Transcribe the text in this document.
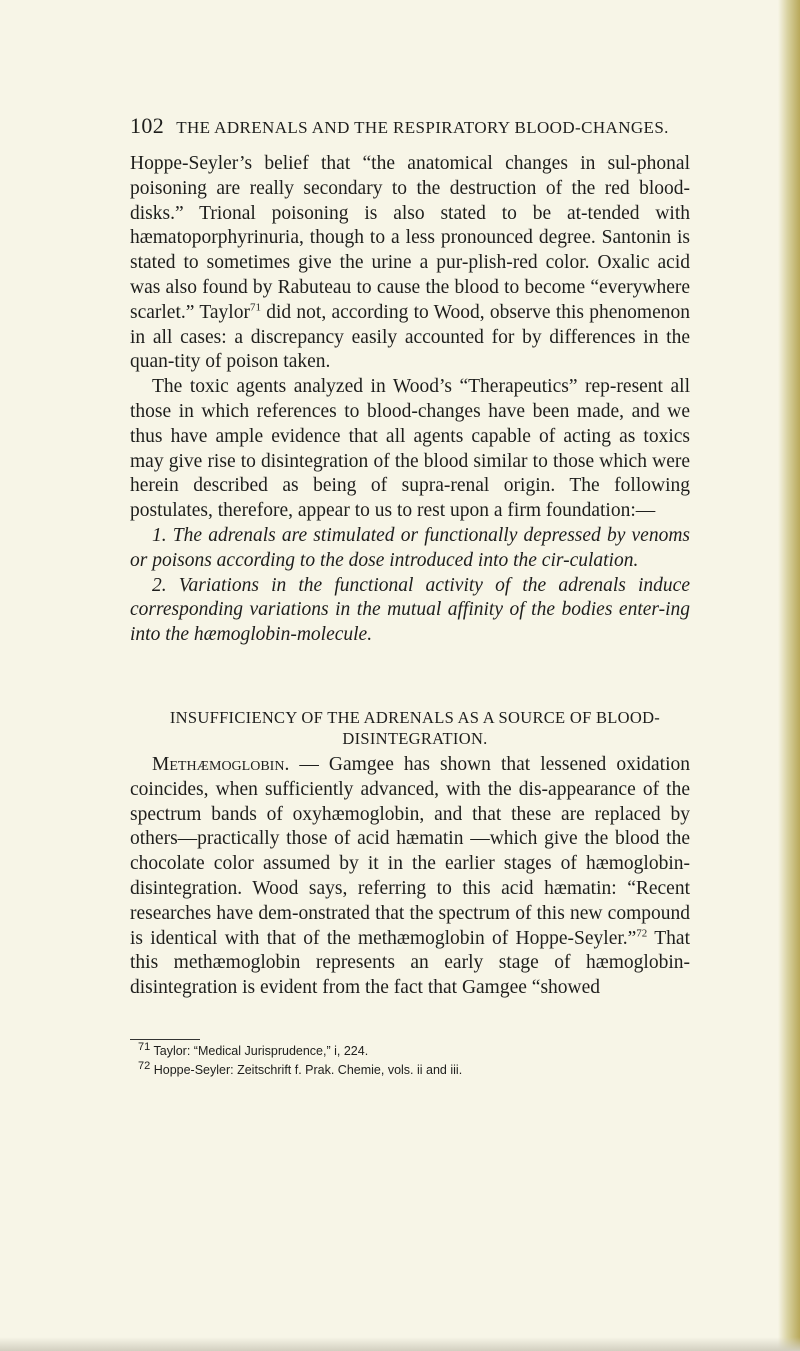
102 THE ADRENALS AND THE RESPIRATORY BLOOD-CHANGES.

Hoppe-Seyler’s belief that “the anatomical changes in sul-phonal poisoning are really secondary to the destruction of the red blood-disks.” Trional poisoning is also stated to be at-tended with hæmatoporphyrinuria, though to a less pronounced degree. Santonin is stated to sometimes give the urine a pur-plish-red color. Oxalic acid was also found by Rabuteau to cause the blood to become “everywhere scarlet.” Taylor$^{71}$ did not, according to Wood, observe this phenomenon in all cases: a discrepancy easily accounted for by differences in the quan-tity of poison taken.

The toxic agents analyzed in Wood’s “Therapeutics” rep-resent all those in which references to blood-changes have been made, and we thus have ample evidence that all agents capable of acting as toxics may give rise to disintegration of the blood similar to those which were herein described as being of supra-renal origin. The following postulates, therefore, appear to us to rest upon a firm foundation:—

1. The adrenals are stimulated or functionally depressed by venoms or poisons according to the dose introduced into the cir-culation.

2. Variations in the functional activity of the adrenals induce corresponding variations in the mutual affinity of the bodies enter-ing into the hæmoglobin-molecule.

INSUFFICIENCY OF THE ADRENALS AS A SOURCE OF BLOOD-DISINTEGRATION.

Methæmoglobin. — Gamgee has shown that lessened oxidation coincides, when sufficiently advanced, with the dis-appearance of the spectrum bands of oxyhæmoglobin, and that these are replaced by others—practically those of acid hæmatin —which give the blood the chocolate color assumed by it in the earlier stages of hæmoglobin-disintegration. Wood says, referring to this acid hæmatin: “Recent researches have dem-onstrated that the spectrum of this new compound is identical with that of the methæmoglobin of Hoppe-Seyler.”$^{72}$ That this methæmoglobin represents an early stage of hæmoglobin-disintegration is evident from the fact that Gamgee “showed

$^{71}$ Taylor: “Medical Jurisprudence,” i, 224.

$^{72}$ Hoppe-Seyler: Zeitschrift f. Prak. Chemie, vols. ii and iii.
